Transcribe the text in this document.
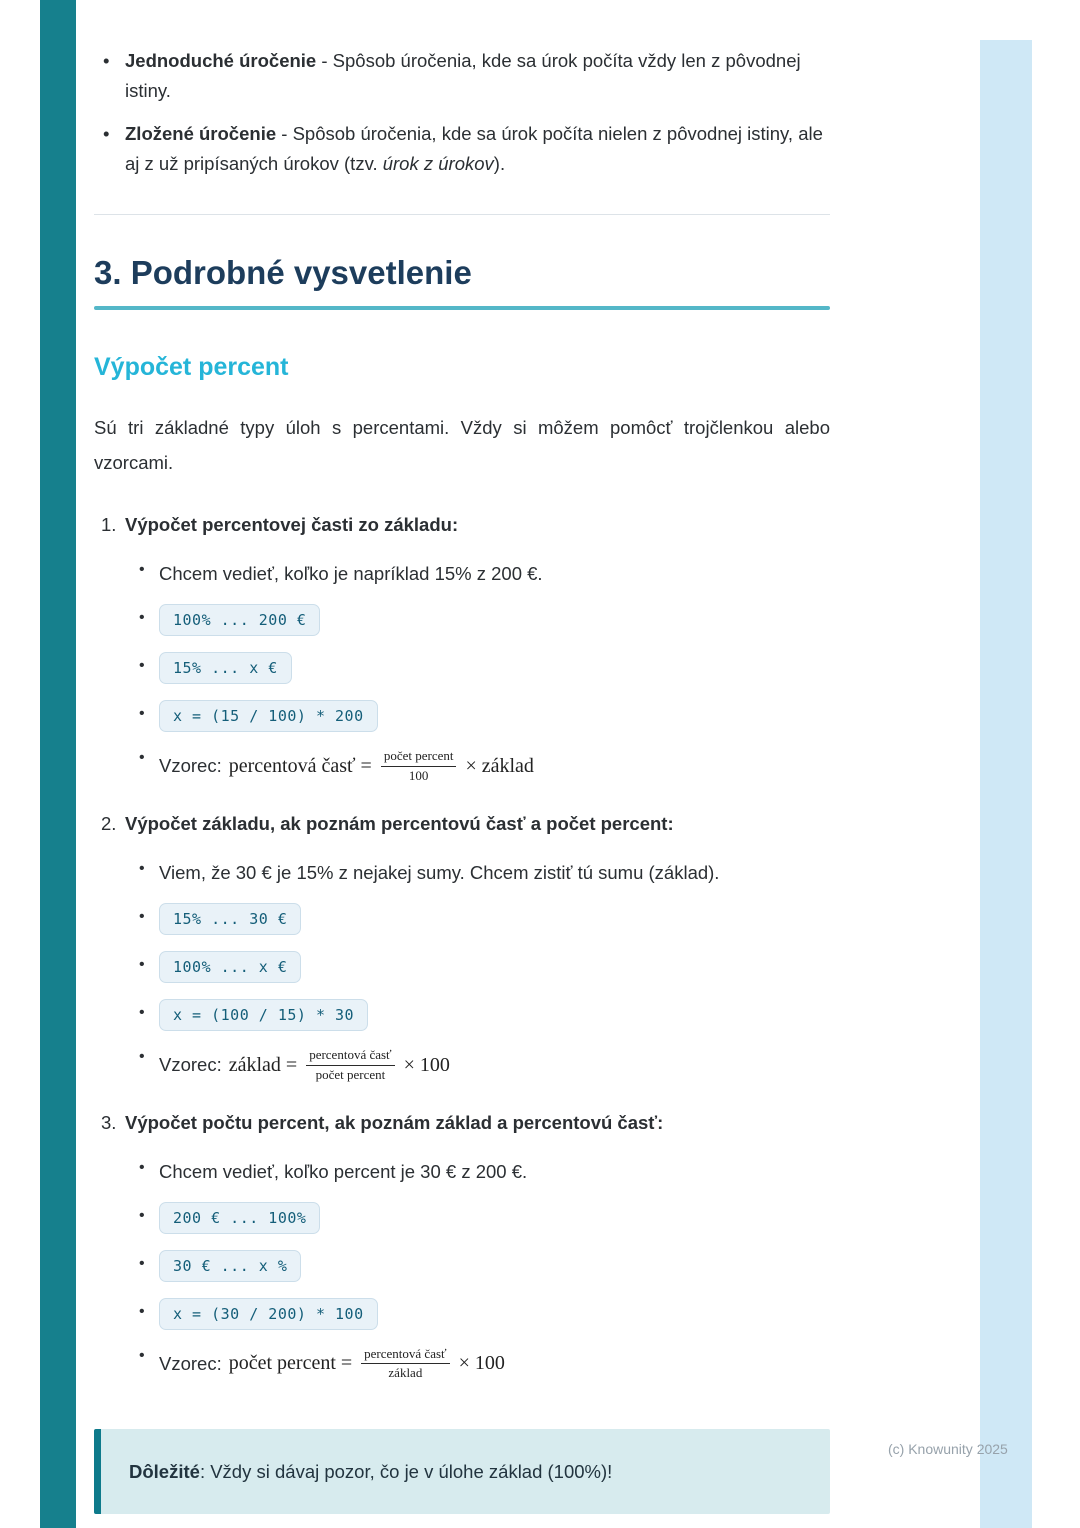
• Jednoduché úročenie - Spôsob úročenia, kde sa úrok počíta vždy len z pôvodnej istiny.
• Zložené úročenie - Spôsob úročenia, kde sa úrok počíta nielen z pôvodnej istiny, ale aj z už pripísaných úrokov (tzv. úrok z úrokov).
3. Podrobné vysvetlenie
Výpočet percent

Sú tri základné typy úloh s percentami. Vždy si môžem pomôcť trojčlenkou alebo vzorcami.

1. Výpočet percentovej časti zo základu:
• Chcem vedieť, koľko je napríklad 15% z 200 €.
• 100% ... 200 €
• 15% ... x €
• x = (15 / 100) * 200
• Vzorec: percentová časť = $\frac{\text{počet percent}}{100}$ × základ
2. Výpočet základu, ak poznám percentovú časť a počet percent:
• Viem, že 30 € je 15% z nejakej sumy. Chcem zistiť tú sumu (základ).
• 15% ... 30 €
• 100% ... x €
• x = (100 / 15) * 30
• Vzorec: základ = $\frac{\text{percentová časť}}{\text{počet percent}} \times 100$
3. Výpočet počtu percent, ak poznám základ a percentovú časť:
• Chcem vedieť, koľko percent je 30 € z 200 €.
• 200 € ... 100%
• 30 € ... x %
• x = (30 / 200) * 100
• Vzorec: počet percent = $\frac{\text{percentová časť}}{\text{základ}} \times 100$

Dôležité: Vždy si dávaj pozor, čo je v úlohe základ (100%)!

(c) Knowunity 2025
